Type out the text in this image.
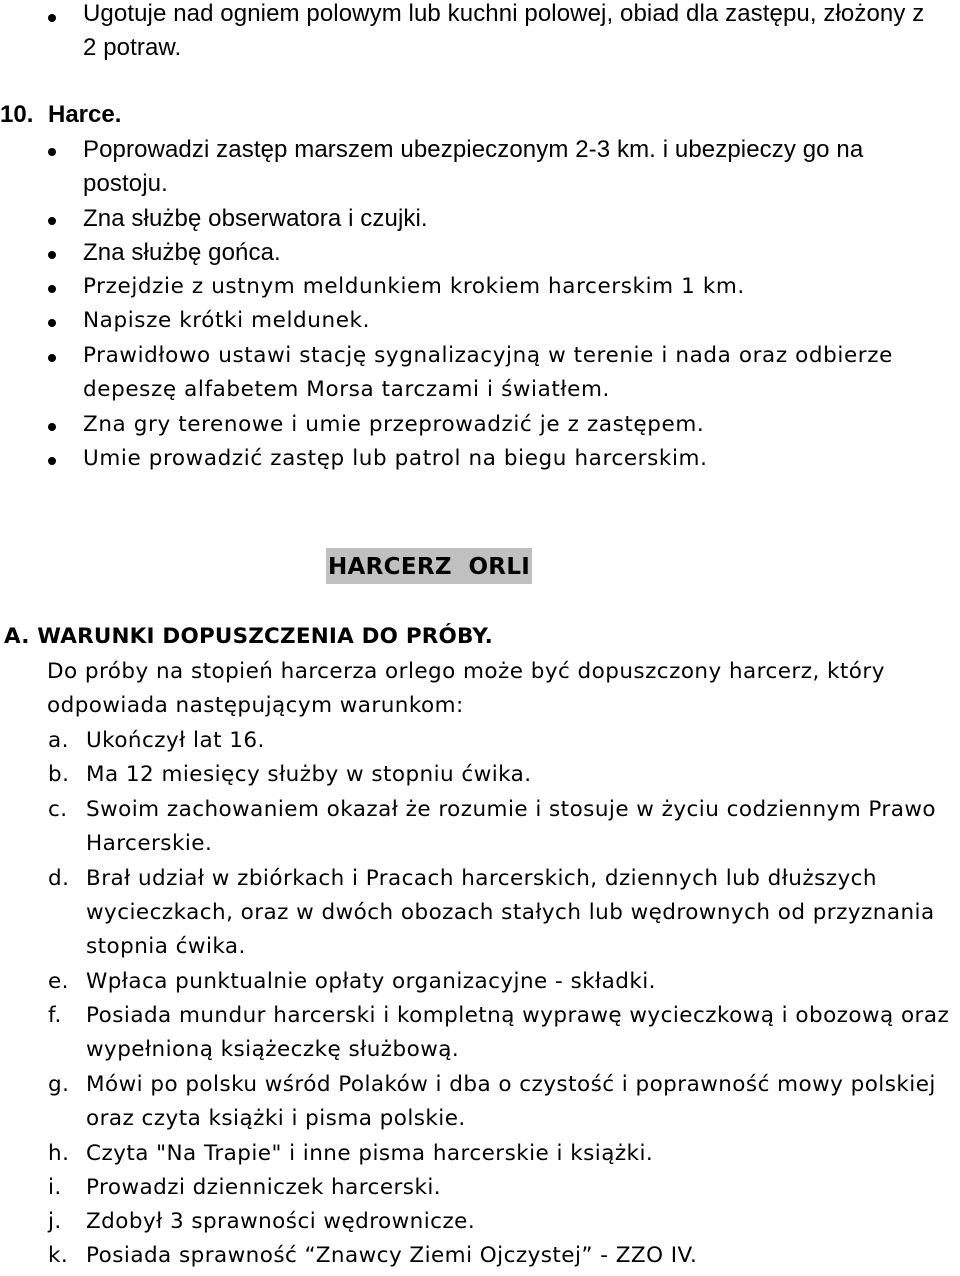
Ugotuje nad ogniem polowym lub kuchni polowej, obiad dla zastępu, złożony z
2 potraw.
10. Harce.
Poprowadzi zastęp marszem ubezpieczonym 2-3 km. i ubezpieczy go na
postoju.
Zna służbę obserwatora i czujki.
Zna służbę gońca.
Przejdzie z ustnym meldunkiem krokiem harcerskim 1 km.
Napisze krótki meldunek.
Prawidłowo ustawi stację sygnalizacyjną w terenie i nada oraz odbierze
depeszę alfabetem Morsa tarczami i światłem.
Zna gry terenowe i umie przeprowadzić je z zastępem.
Umie prowadzić zastęp lub patrol na biegu harcerskim.
HARCERZ  ORLI
A. WARUNKI DOPUSZCZENIA DO PRÓBY.
Do próby na stopień harcerza orlego może być dopuszczony harcerz, który
odpowiada następującym warunkom:
a. Ukończył lat 16.
b. Ma 12 miesięcy służby w stopniu ćwika.
c. Swoim zachowaniem okazał że rozumie i stosuje w życiu codziennym Prawo
Harcerskie.
d. Brał udział w zbiórkach i Pracach harcerskich, dziennych lub dłuższych
wycieczkach, oraz w dwóch obozach stałych lub wędrownych od przyznania
stopnia ćwika.
e. Wpłaca punktualnie opłaty organizacyjne - składki.
f. Posiada mundur harcerski i kompletną wyprawę wycieczkową i obozową oraz
wypełnioną książeczkę służbową.
g. Mówi po polsku wśród Polaków i dba o czystość i poprawność mowy polskiej
oraz czyta książki i pisma polskie.
h. Czyta "Na Trapie" i inne pisma harcerskie i książki.
i. Prowadzi dzienniczek harcerski.
j. Zdobył 3 sprawności wędrownicze.
k. Posiada sprawność “Znawcy Ziemi Ojczystej” - ZZO IV.
